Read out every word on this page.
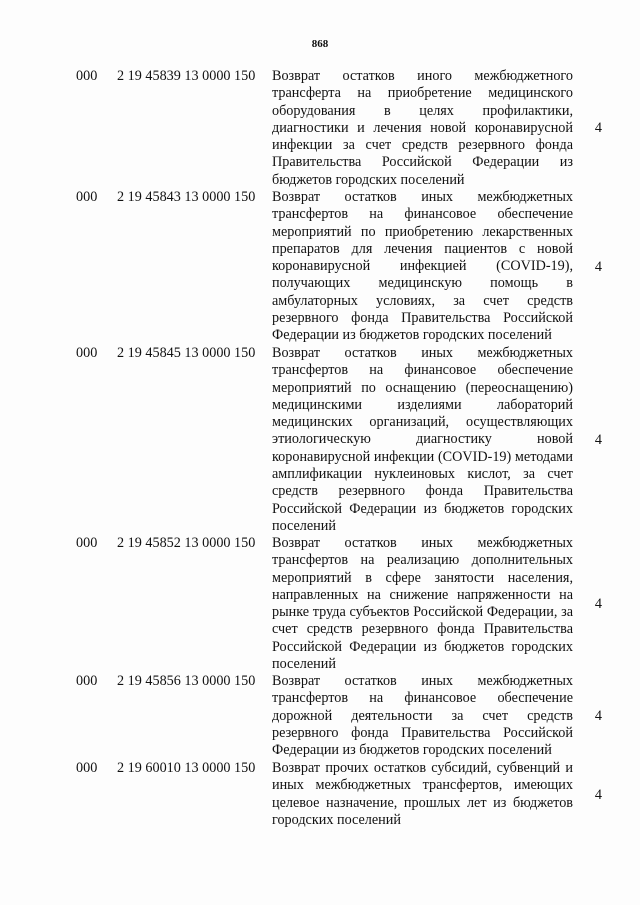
868
000 2 19 45839 13 0000 150 Возврат остатков иного межбюджетного трансферта на приобретение медицинского оборудования в целях профилактики, диагностики и лечения новой коронавирусной инфекции за счет средств резервного фонда Правительства Российской Федерации из бюджетов городских поселений
4
000 2 19 45843 13 0000 150 Возврат остатков иных межбюджетных трансфертов на финансовое обеспечение мероприятий по приобретению лекарственных препаратов для лечения пациентов с новой коронавирусной инфекцией (COVID-19), получающих медицинскую помощь в амбулаторных условиях, за счет средств резервного фонда Правительства Российской Федерации из бюджетов городских поселений
4
000 2 19 45845 13 0000 150 Возврат остатков иных межбюджетных трансфертов на финансовое обеспечение мероприятий по оснащению (переоснащению) медицинскими изделиями лабораторий медицинских организаций, осуществляющих этиологическую диагностику новой коронавирусной инфекции (COVID-19) методами амплификации нуклеиновых кислот, за счет средств резервного фонда Правительства Российской Федерации из бюджетов городских поселений
4
000 2 19 45852 13 0000 150 Возврат остатков иных межбюджетных трансфертов на реализацию дополнительных мероприятий в сфере занятости населения, направленных на снижение напряженности на рынке труда субъектов Российской Федерации, за счет средств резервного фонда Правительства Российской Федерации из бюджетов городских поселений
4
000 2 19 45856 13 0000 150 Возврат остатков иных межбюджетных трансфертов на финансовое обеспечение дорожной деятельности за счет средств резервного фонда Правительства Российской Федерации из бюджетов городских поселений
4
000 2 19 60010 13 0000 150 Возврат прочих остатков субсидий, субвенций и иных межбюджетных трансфертов, имеющих целевое назначение, прошлых лет из бюджетов городских поселений
4
